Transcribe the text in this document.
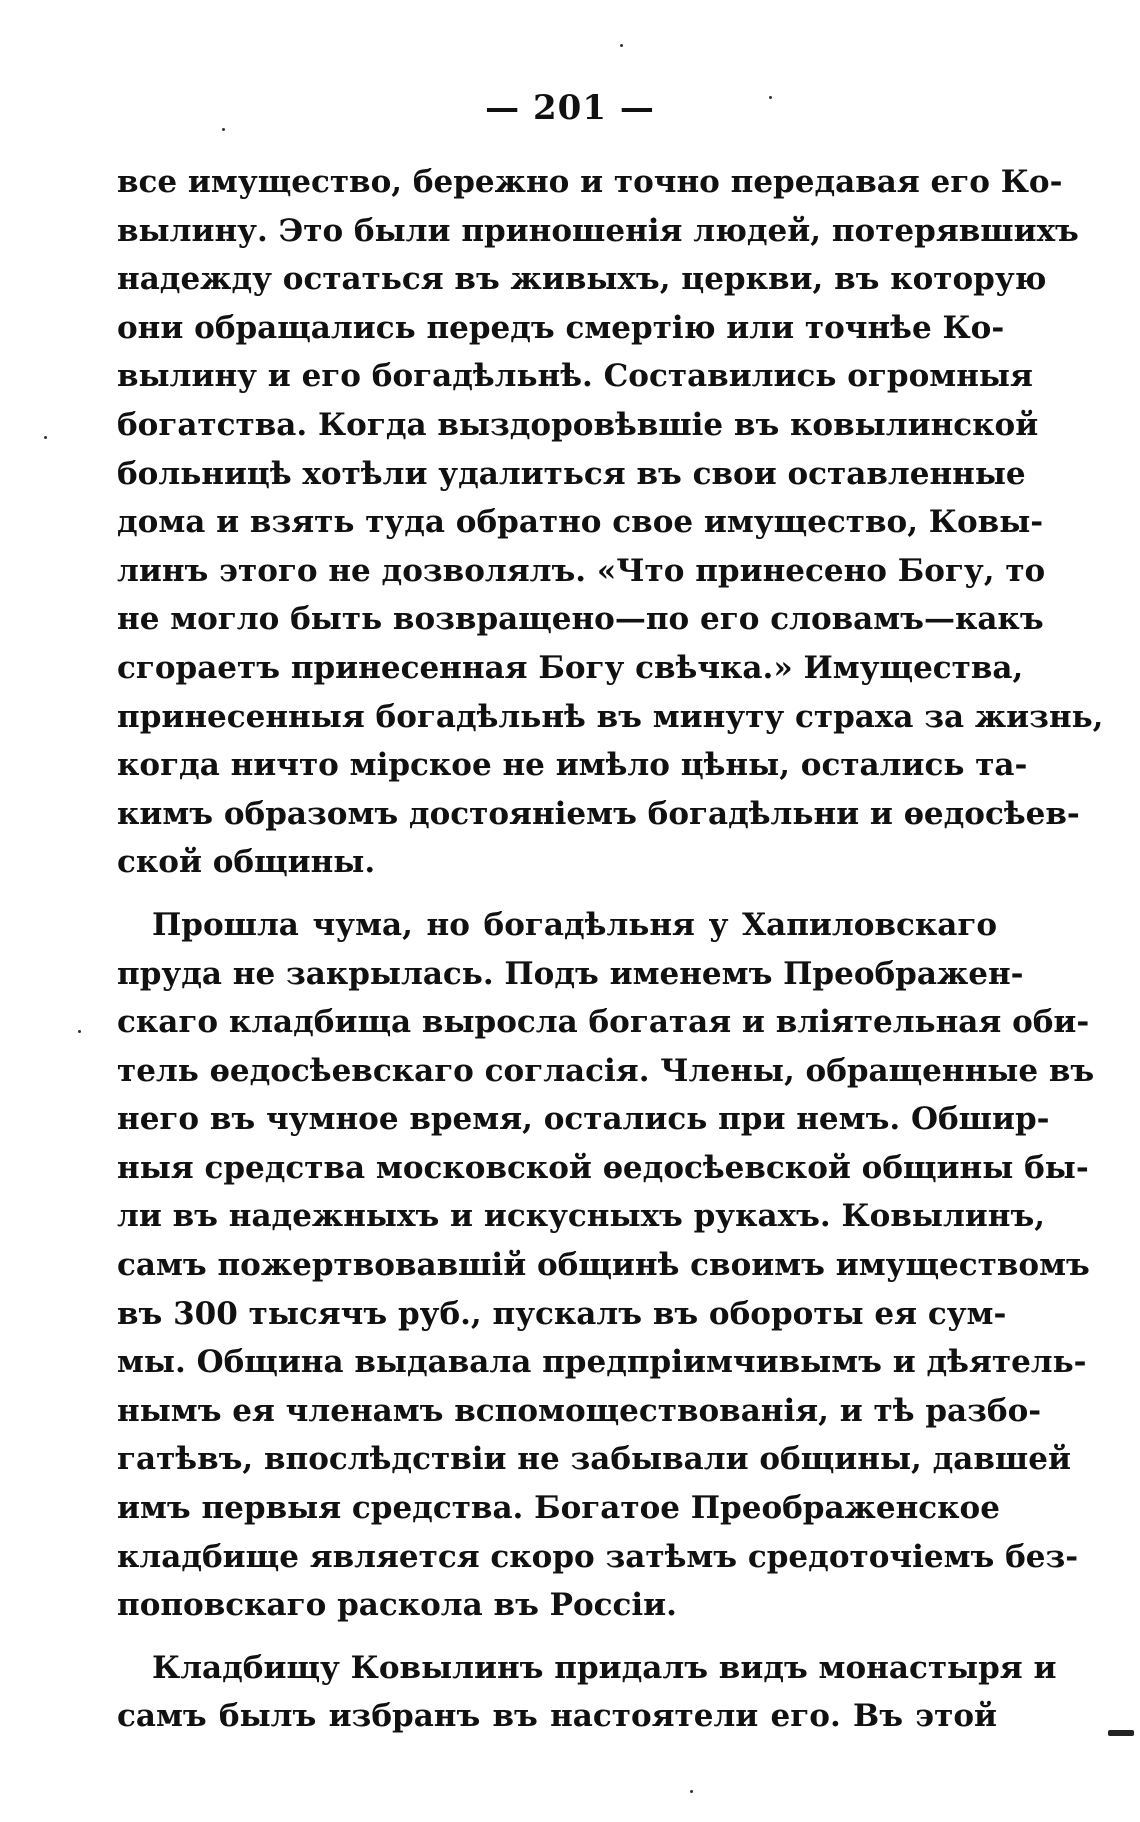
— 201 —
все имущество, бережно и точно передавая его Ко-
вылину. Это были приношенія людей, потерявшихъ
надежду остаться въ живыхъ, церкви, въ которую
они обращались передъ смертію или точнѣе Ко-
вылину и его богадѣльнѣ. Составились огромныя
богатства. Когда выздоровѣвшіе въ ковылинской
больницѣ хотѣли удалиться въ свои оставленные
дома и взять туда обратно свое имущество, Ковы-
линъ этого не дозволялъ. «Что принесено Богу, то
не могло быть возвращено—по его словамъ—какъ
сгораетъ принесенная Богу свѣчка.» Имущества,
принесенныя богадѣльнѣ въ минуту страха за жизнь,
когда ничто мірское не имѣло цѣны, остались та-
кимъ образомъ достояніемъ богадѣльни и ѳедосѣев-
ской общины.
Прошла чума, но богадѣльня у Хапиловскаго
пруда не закрылась. Подъ именемъ Преображен-
скаго кладбища выросла богатая и вліятельная оби-
тель ѳедосѣевскаго согласія. Члены, обращенные въ
него въ чумное время, остались при немъ. Обшир-
ныя средства московской ѳедосѣевской общины бы-
ли въ надежныхъ и искусныхъ рукахъ. Ковылинъ,
самъ пожертвовавшій общинѣ своимъ имуществомъ
въ 300 тысячъ руб., пускалъ въ обороты ея сум-
мы. Община выдавала предпріимчивымъ и дѣятель-
нымъ ея членамъ вспомоществованія, и тѣ разбо-
гатѣвъ, впослѣдствіи не забывали общины, давшей
имъ первыя средства. Богатое Преображенское
кладбище является скоро затѣмъ средоточіемъ без-
поповскаго раскола въ Россіи.
Кладбищу Ковылинъ придалъ видъ монастыря и
самъ былъ избранъ въ настоятели его. Въ этой
